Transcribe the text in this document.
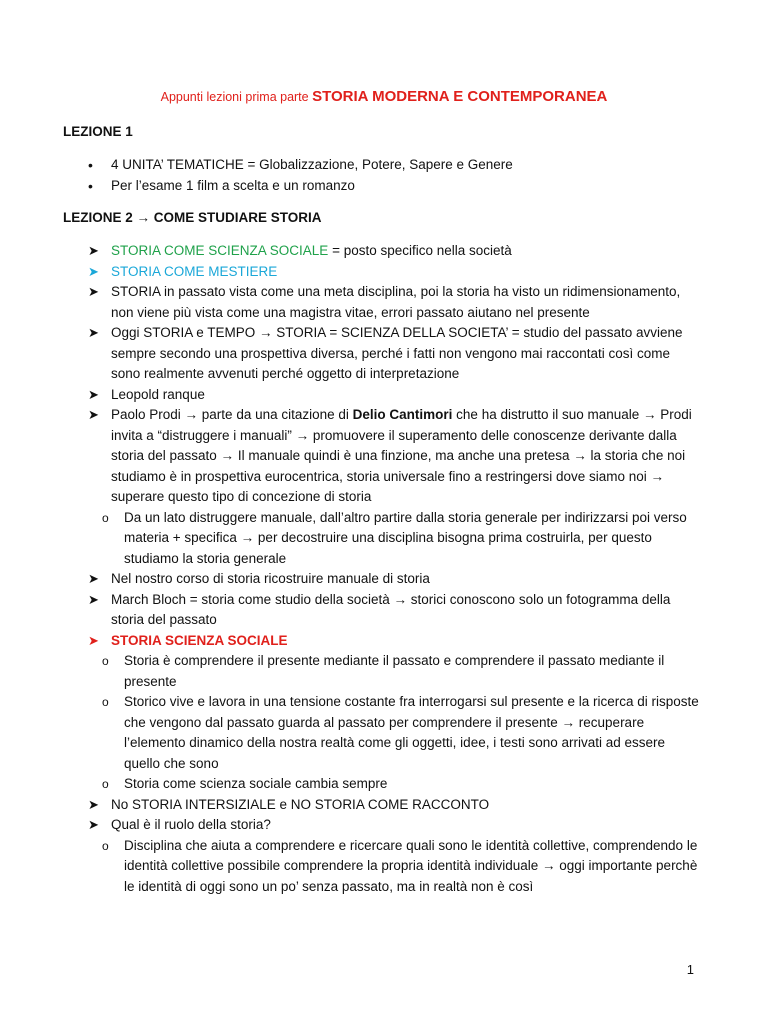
Appunti lezioni prima parte STORIA MODERNA E CONTEMPORANEA
LEZIONE 1
• 4 UNITA’ TEMATICHE = Globalizzazione, Potere, Sapere e Genere
• Per l’esame 1 film a scelta e un romanzo
LEZIONE 2 → COME STUDIARE STORIA
➤ STORIA COME SCIENZA SOCIALE = posto specifico nella società
➤ STORIA COME MESTIERE
➤ STORIA in passato vista come una meta disciplina, poi la storia ha visto un ridimensionamento, non viene più vista come una magistra vitae, errori passato aiutano nel presente
➤ Oggi STORIA e TEMPO → STORIA = SCIENZA DELLA SOCIETA’ = studio del passato avviene sempre secondo una prospettiva diversa, perché i fatti non vengono mai raccontati così come sono realmente avvenuti perché oggetto di interpretazione
➤ Leopold ranque
➤ Paolo Prodi → parte da una citazione di Delio Cantimori che ha distrutto il suo manuale → Prodi invita a “distruggere i manuali” → promuovere il superamento delle conoscenze derivante dalla storia del passato → Il manuale quindi è una finzione, ma anche una pretesa → la storia che noi studiamo è in prospettiva eurocentrica, storia universale fino a restringersi dove siamo noi → superare questo tipo di concezione di storia
o Da un lato distruggere manuale, dall’altro partire dalla storia generale per indirizzarsi poi verso materia + specifica → per decostruire una disciplina bisogna prima costruirla, per questo studiamo la storia generale
➤ Nel nostro corso di storia ricostruire manuale di storia
➤ March Bloch = storia come studio della società → storici conoscono solo un fotogramma della storia del passato
➤ STORIA SCIENZA SOCIALE
o Storia è comprendere il presente mediante il passato e comprendere il passato mediante il presente
o Storico vive e lavora in una tensione costante fra interrogarsi sul presente e la ricerca di risposte che vengono dal passato guarda al passato per comprendere il presente → recuperare l’elemento dinamico della nostra realtà come gli oggetti, idee, i testi sono arrivati ad essere quello che sono
o Storia come scienza sociale cambia sempre
➤ No STORIA INTERSIZIALE e NO STORIA COME RACCONTO
➤ Qual è il ruolo della storia?
o Disciplina che aiuta a comprendere e ricercare quali sono le identità collettive, comprendendo le identità collettive possibile comprendere la propria identità individuale → oggi importante perchè le identità di oggi sono un po’ senza passato, ma in realtà non è così
1
